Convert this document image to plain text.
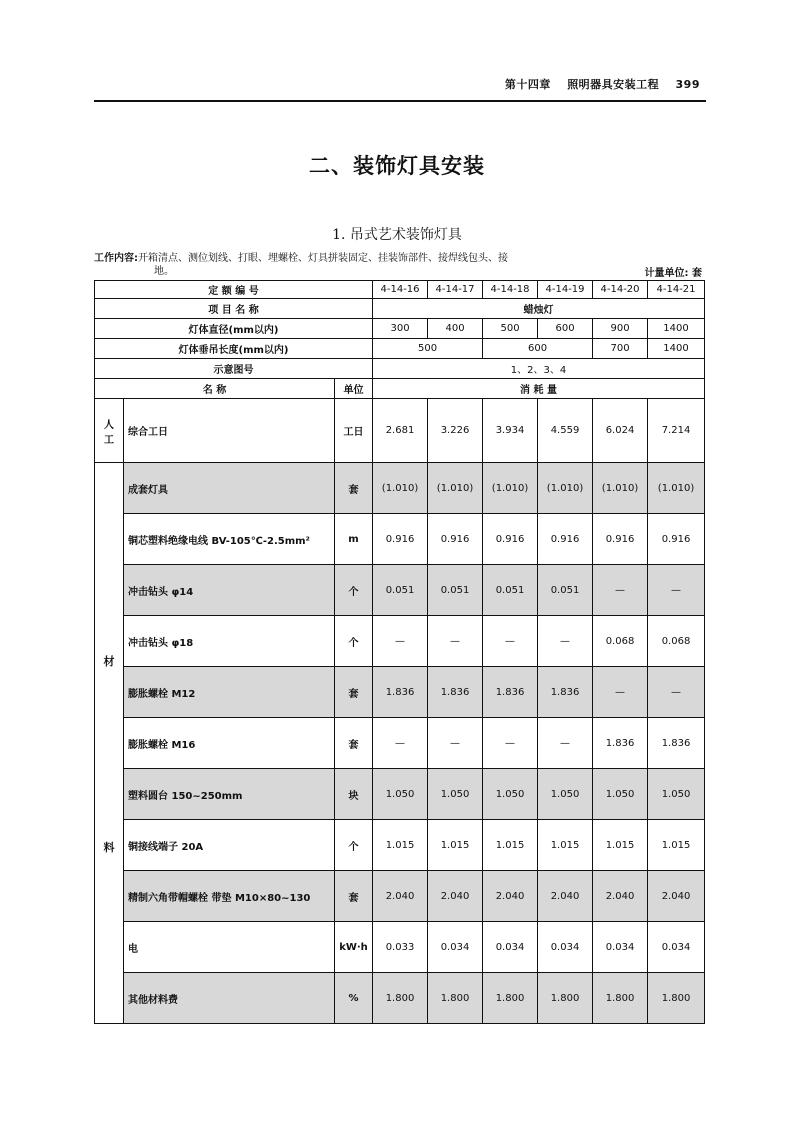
第十四章 照明器具安装工程 399
二、装饰灯具安装
1. 吊式艺术装饰灯具
工作内容:开箱清点、测位划线、打眼、埋螺栓、灯具拼装固定、挂装饰部件、接焊线包头、接
地。	计量单位: 套
定 额 编 号			4-14-16	4-14-17	4-14-18	4-14-19	4-14-20	4-14-21
项 目 名 称			蜡烛灯					
灯体直径(mm以内)			300	400	500	600	900	1400
灯体垂吊长度(mm以内)			500		600		700	1400
示意图号			1、2、3、4					
名 称		单位	消 耗 量					

人
工	综合工日	工日	2.681	3.226	3.934	4.559	6.024	7.214

材
料	成套灯具	套	(1.010)	(1.010)	(1.010)	(1.010)	(1.010)	(1.010)
	铜芯塑料绝缘电线 BV-105℃-2.5mm²	m	0.916	0.916	0.916	0.916	0.916	0.916
	冲击钻头 φ14	个	0.051	0.051	0.051	0.051	—	—
	冲击钻头 φ18	个	—	—	—	—	0.068	0.068
	膨胀螺栓 M12	套	1.836	1.836	1.836	1.836	—	—
	膨胀螺栓 M16	套	—	—	—	—	1.836	1.836
	塑料圆台 150~250mm	块	1.050	1.050	1.050	1.050	1.050	1.050
	铜接线端子 20A	个	1.015	1.015	1.015	1.015	1.015	1.015
	精制六角带帽螺栓 带垫 M10×80~130	套	2.040	2.040	2.040	2.040	2.040	2.040
	电	kW·h	0.033	0.034	0.034	0.034	0.034	0.034
	其他材料费	%	1.800	1.800	1.800	1.800	1.800	1.800
